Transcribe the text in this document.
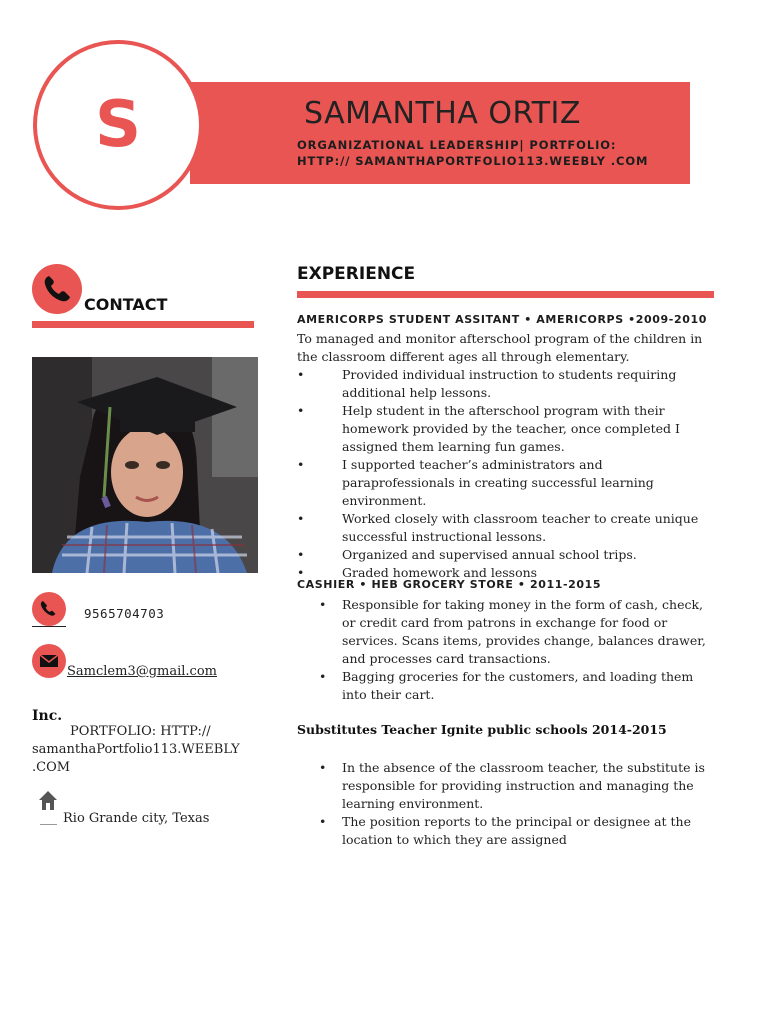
S	SAMANTHA ORTIZ
ORGANIZATIONAL LEADERSHIP| PORTFOLIO: HTTP:// SAMANTHAPORTFOLIO113.WEEBLY .COM
CONTACT
9565704703
Samclem3@gmail.com
Inc.
PORTFOLIO: HTTP:// samanthaPortfolio113.WEEBLY .COM
Rio Grande city, Texas
EXPERIENCE
AMERICORPS STUDENT ASSITANT • AMERICORPS •2009-2010

To managed and monitor afterschool program of the children in the classroom different ages all through elementary.

•	Provided individual instruction to students requiring additional help lessons.
•	Help student in the afterschool program with their homework provided by the teacher, once completed I assigned them learning fun games.
•	I supported teacher’s administrators and paraprofessionals in creating successful learning environment.
•	Worked closely with classroom teacher to create unique successful instructional lessons.
•	Organized and supervised annual school trips.
•	Graded homework and lessons
CASHIER • HEB GROCERY STORE • 2011-2015
• Responsible for taking money in the form of cash, check, or credit card from patrons in exchange for food or services. Scans items, provides change, balances drawer, and processes card transactions.
• Bagging groceries for the customers, and loading them into their cart.
Substitutes Teacher Ignite public schools 2014-2015
• In the absence of the classroom teacher, the substitute is responsible for providing instruction and managing the learning environment.
• The position reports to the principal or designee at the location to which they are assigned
